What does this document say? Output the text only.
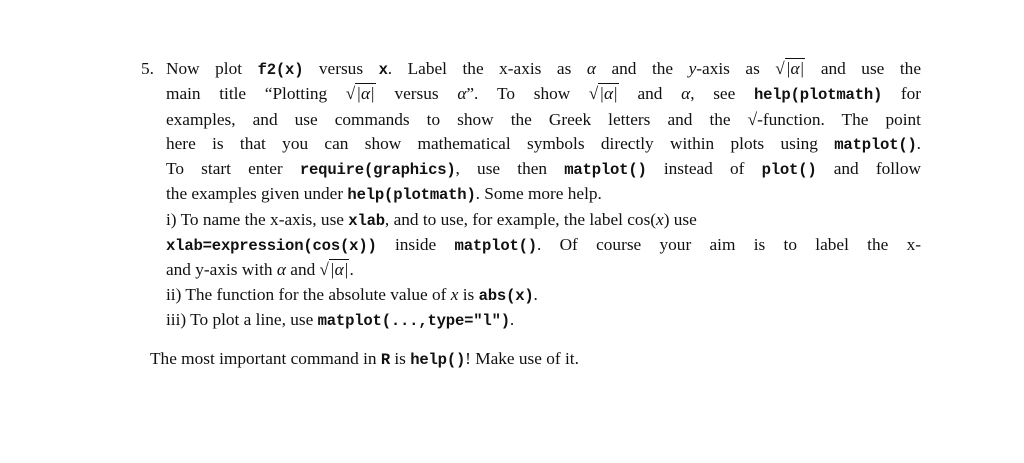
5. Now plot f2(x) versus x. Label the x-axis as α and the y-axis as √|α| and use the
main title “Plotting √|α| versus α”. To show √|α| and α, see help(plotmath) for
examples, and use commands to show the Greek letters and the √-function. The point
here is that you can show mathematical symbols directly within plots using matplot().
To start enter require(graphics), use then matplot() instead of plot() and follow
the examples given under help(plotmath). Some more help.
i) To name the x-axis, use xlab, and to use, for example, the label cos(x) use
xlab=expression(cos(x)) inside matplot(). Of course your aim is to label the x-
and y-axis with α and √|α|.
ii) The function for the absolute value of x is abs(x).
iii) To plot a line, use matplot(...,type="l").
The most important command in R is help()! Make use of it.
